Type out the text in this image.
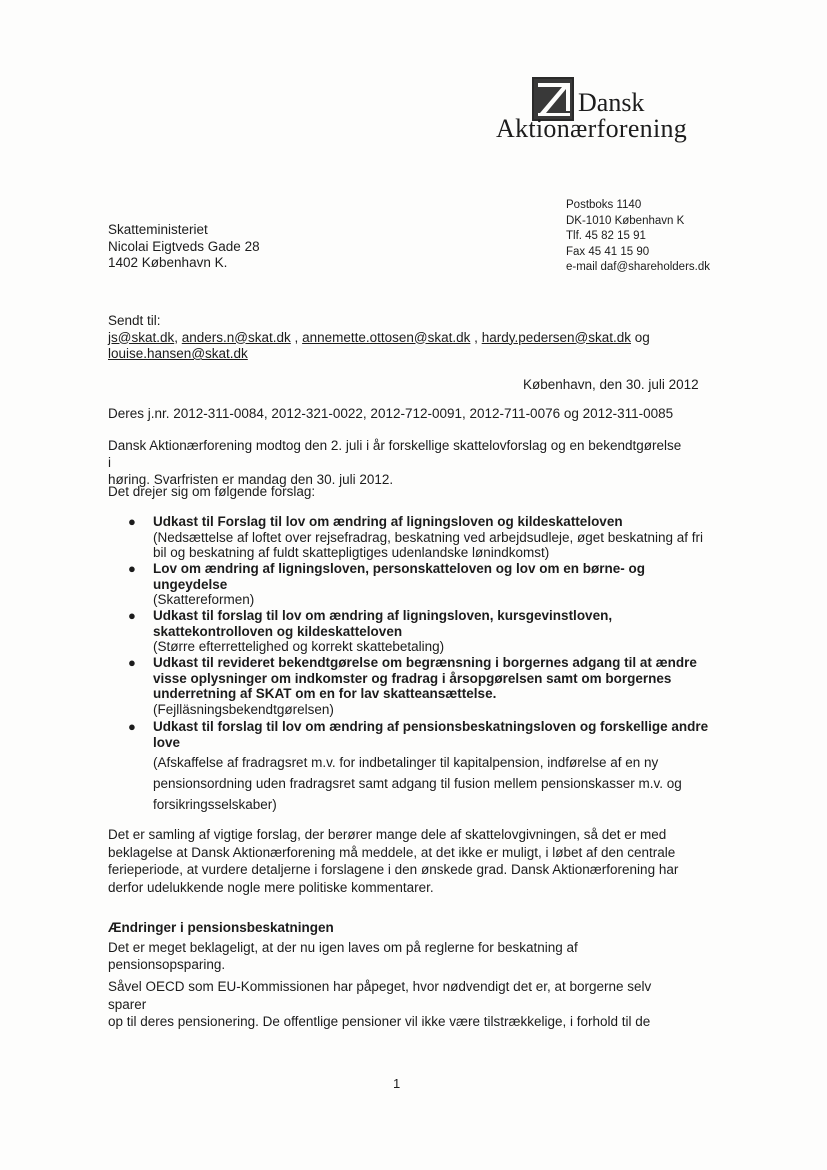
Dansk
Aktionærforening
Postboks 1140
DK-1010 København K
Tlf. 45 82 15 91
Fax 45 41 15 90
e-mail daf@shareholders.dk
Skatteministeriet
Nicolai Eigtveds Gade 28
1402 København K.
Sendt til:
js@skat.dk, anders.n@skat.dk , annemette.ottosen@skat.dk , hardy.pedersen@skat.dk og
louise.hansen@skat.dk
København, den 30. juli 2012
Deres j.nr. 2012-311-0084, 2012-321-0022, 2012-712-0091, 2012-711-0076 og 2012-311-0085
Dansk Aktionærforening modtog den 2. juli i år forskellige skattelovforslag og en bekendtgørelse i
høring. Svarfristen er mandag den 30. juli 2012.
Det drejer sig om følgende forslag:
● Udkast til Forslag til lov om ændring af ligningsloven og kildeskatteloven
(Nedsættelse af loftet over rejsefradrag, beskatning ved arbejdsudleje, øget beskatning af fri
bil og beskatning af fuldt skattepligtiges udenlandske lønindkomst)
● Lov om ændring af ligningsloven, personskatteloven og lov om en børne- og
ungeydelse
(Skattereformen)
● Udkast til forslag til lov om ændring af ligningsloven, kursgevinstloven,
skattekontrolloven og kildeskatteloven
(Større efterrettelighed og korrekt skattebetaling)
● Udkast til revideret bekendtgørelse om begrænsning i borgernes adgang til at ændre
visse oplysninger om indkomster og fradrag i årsopgørelsen samt om borgernes
underretning af SKAT om en for lav skatteansættelse.
(Fejlläsningsbekendtgørelsen)
● Udkast til forslag til lov om ændring af pensionsbeskatningsloven og forskellige andre
love
(Afskaffelse af fradragsret m.v. for indbetalinger til kapitalpension, indførelse af en ny
pensionsordning uden fradragsret samt adgang til fusion mellem pensionskasser m.v. og
forsikringsselskaber)
Det er samling af vigtige forslag, der berører mange dele af skattelovgivningen, så det er med
beklagelse at Dansk Aktionærforening må meddele, at det ikke er muligt, i løbet af den centrale
ferieperiode, at vurdere detaljerne i forslagene i den ønskede grad. Dansk Aktionærforening har
derfor udelukkende nogle mere politiske kommentarer.
Ændringer i pensionsbeskatningen
Det er meget beklageligt, at der nu igen laves om på reglerne for beskatning af pensionsopsparing.
Såvel OECD som EU-Kommissionen har påpeget, hvor nødvendigt det er, at borgerne selv sparer
op til deres pensionering. De offentlige pensioner vil ikke være tilstrækkelige, i forhold til de
1
